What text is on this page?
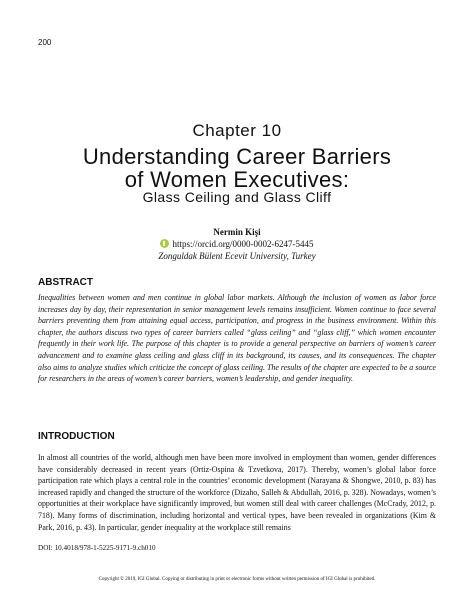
200
Chapter 10
Understanding Career Barriers
of Women Executives:
Glass Ceiling and Glass Cliff
Nermin Kişi
https://orcid.org/0000-0002-6247-5445
Zonguldak Bülent Ecevit University, Turkey
ABSTRACT
Inequalities between women and men continue in global labor markets. Although the inclusion of women as labor force increases day by day, their representation in senior management levels remains insufficient. Women continue to face several barriers preventing them from attaining equal access, participation, and progress in the business environment. Within this chapter, the authors discuss two types of career barriers called “glass ceiling” and “glass cliff,” which women encounter frequently in their work life. The purpose of this chapter is to provide a general perspective on barriers of women’s career advancement and to examine glass ceiling and glass cliff in its background, its causes, and its consequences. The chapter also aims to analyze studies which criticize the concept of glass ceiling. The results of the chapter are expected to be a source for researchers in the areas of women’s career barriers, women’s leadership, and gender inequality.
INTRODUCTION
In almost all countries of the world, although men have been more involved in employment than women, gender differences have considerably decreased in recent years (Ortiz-Ospina & Tzvetkova, 2017). Thereby, women’s global labor force participation rate which plays a central role in the countries’ economic development (Narayana & Shongwe, 2010, p. 83) has increased rapidly and changed the structure of the workforce (Dizaho, Salleh & Abdullah, 2016, p. 328). Nowadays, women’s opportunities at their workplace have significantly improved, but women still deal with career challenges (McCrady, 2012, p. 718). Many forms of discrimination, including horizontal and vertical types, have been revealed in organizations (Kim & Park, 2016, p. 43). In particular, gender inequality at the workplace still remains
DOI: 10.4018/978-1-5225-9171-9.ch010
Copyright © 2019, IGI Global. Copying or distributing in print or electronic forms without written permission of IGI Global is prohibited.
